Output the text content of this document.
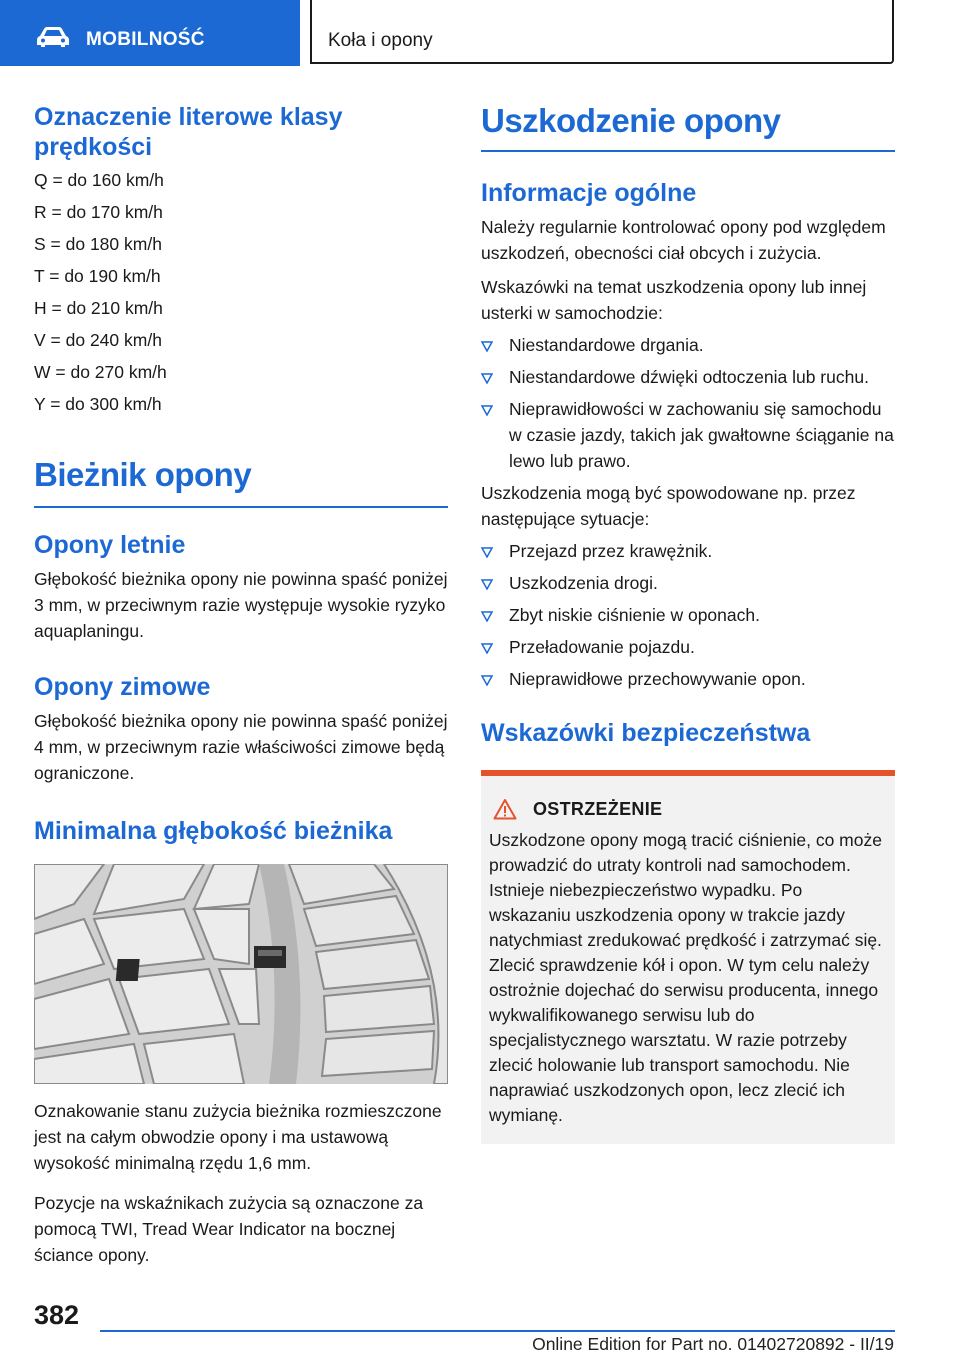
MOBILNOŚĆ	Koła i opony
Oznaczenie literowe klasy prędkości

Q = do 160 km/h

R = do 170 km/h

S = do 180 km/h

T = do 190 km/h

H = do 210 km/h

V = do 240 km/h

W = do 270 km/h

Y = do 300 km/h

Bieżnik opony
Opony letnie

Głębokość bieżnika opony nie powinna spaść poniżej 3 mm, w przeciwnym razie występuje wysokie ryzyko aquaplaningu.

Opony zimowe

Głębokość bieżnika opony nie powinna spaść poniżej 4 mm, w przeciwnym razie właściwości zimowe będą ograniczone.

Minimalna głębokość bieżnika

Oznakowanie stanu zużycia bieżnika rozmieszczone jest na całym obwodzie opony i ma ustawową wysokość minimalną rzędu 1,6 mm.

Pozycje na wskaźnikach zużycia są oznaczone za pomocą TWI, Tread Wear Indicator na bocznej ściance opony.

Uszkodzenie opony
Informacje ogólne

Należy regularnie kontrolować opony pod względem uszkodzeń, obecności ciał obcych i zużycia.

Wskazówki na temat uszkodzenia opony lub innej usterki w samochodzie:

Niestandardowe drgania.
Niestandardowe dźwięki odtoczenia lub ruchu.
Nieprawidłowości w zachowaniu się samochodu w czasie jazdy, takich jak gwałtowne ściąganie na lewo lub prawo.

Uszkodzenia mogą być spowodowane np. przez następujące sytuacje:

Przejazd przez krawężnik.
Uszkodzenia drogi.
Zbyt niskie ciśnienie w oponach.
Przeładowanie pojazdu.
Nieprawidłowe przechowywanie opon.
Wskazówki bezpieczeństwa
OSTRZEŻENIE

Uszkodzone opony mogą tracić ciśnienie, co może prowadzić do utraty kontroli nad samochodem. Istnieje niebezpieczeństwo wypadku. Po wskazaniu uszkodzenia opony w trakcie jazdy natychmiast zredukować prędkość i zatrzymać się. Zlecić sprawdzenie kół i opon. W tym celu należy ostrożnie dojechać do serwisu producenta, innego wykwalifikowanego serwisu lub do specjalistycznego warsztatu. W razie potrzeby zlecić holowanie lub transport samochodu. Nie naprawiać uszkodzonych opon, lecz zlecić ich wymianę.

382
Online Edition for Part no. 01402720892 - II/19
